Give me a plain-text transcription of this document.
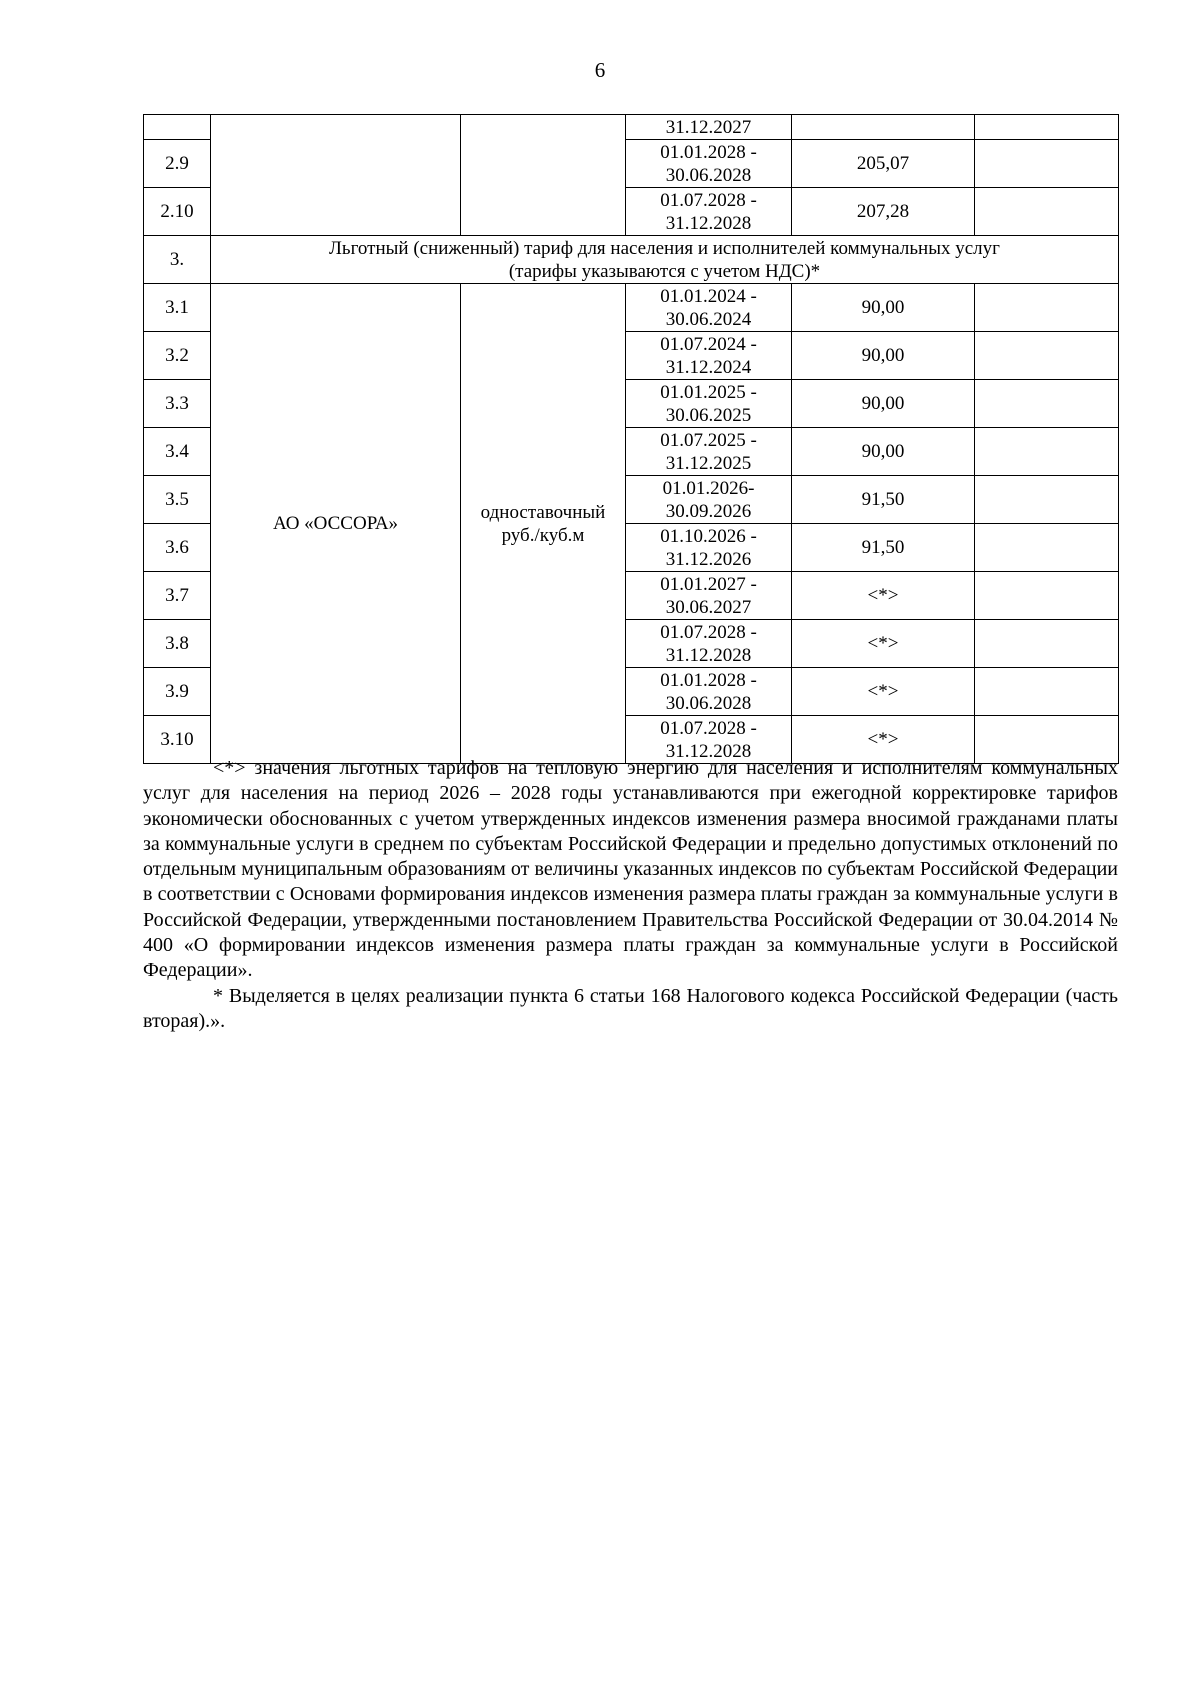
6

			31.12.2027		

2.9			01.01.2028 -
30.06.2028	205,07	
2.10			01.07.2028 -
31.12.2028	207,28	
3.	Льготный (сниженный) тариф для населения и исполнителей коммунальных услуг
(тарифы указываются с учетом НДС)*				

3.1	АО «ОССОРА»	одноставочный
руб./куб.м	01.01.2024 -
30.06.2024	90,00	
3.2			01.07.2024 -
31.12.2024	90,00	
3.3			01.01.2025 -
30.06.2025	90,00	
3.4			01.07.2025 -
31.12.2025	90,00	
3.5			01.01.2026-
30.09.2026	91,50	
3.6			01.10.2026 -
31.12.2026	91,50	
3.7			01.01.2027 -
30.06.2027	<*>	
3.8			01.07.2028 -
31.12.2028	<*>	
3.9			01.01.2028 -
30.06.2028	<*>	
3.10			01.07.2028 -
31.12.2028	<*>	

<*> значения льготных тарифов на тепловую энергию для населения и исполнителям коммунальных услуг для населения на период 2026 – 2028 годы устанавливаются при ежегодной корректировке тарифов экономически обоснованных с учетом утвержденных индексов изменения размера вносимой гражданами платы за коммунальные услуги в среднем по субъектам Российской Федерации и предельно допустимых отклонений по отдельным муниципальным образованиям от величины указанных индексов по субъектам Российской Федерации в соответствии с Основами формирования индексов изменения размера платы граждан за коммунальные услуги в Российской Федерации, утвержденными постановлением Правительства Российской Федерации от 30.04.2014 № 400 «О формировании индексов изменения размера платы граждан за коммунальные услуги в Российской Федерации».

* Выделяется в целях реализации пункта 6 статьи 168 Налогового кодекса Российской Федерации (часть вторая).».
